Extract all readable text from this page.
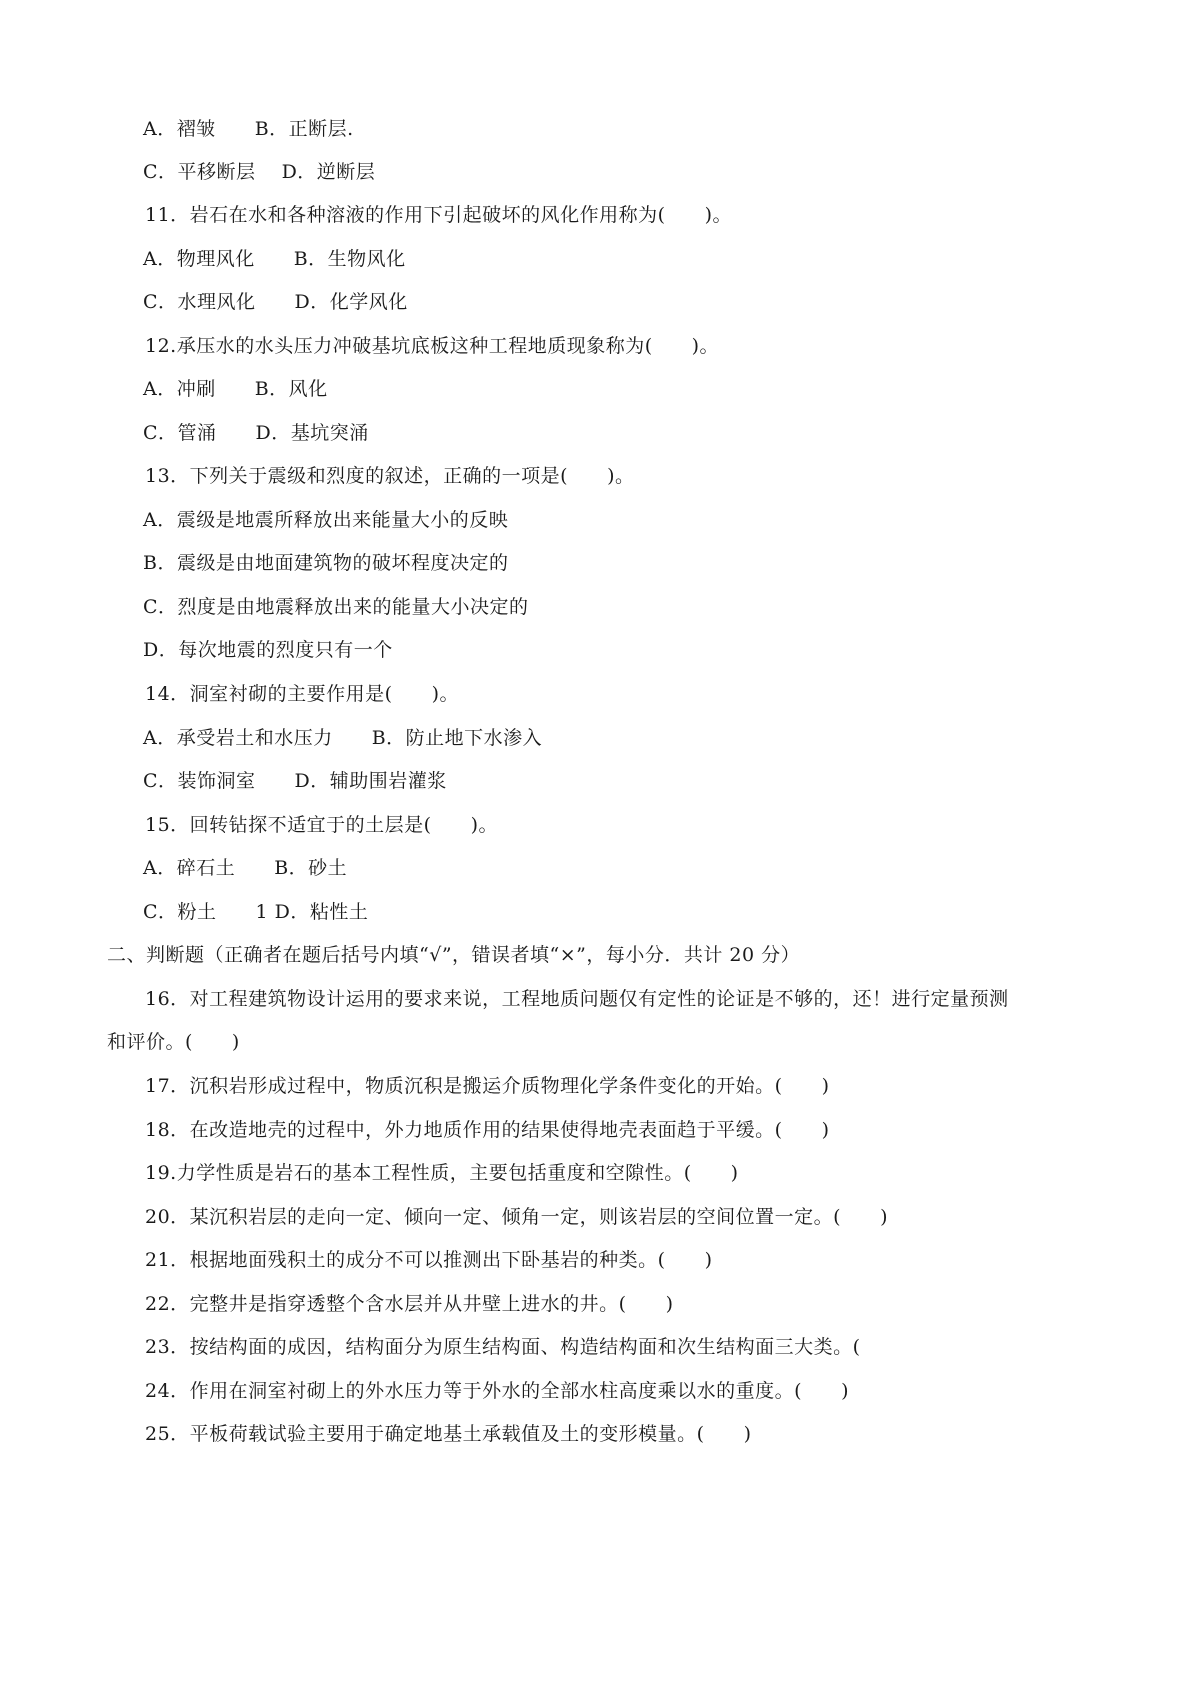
A．褶皱　　B．正断层.
C．平移断层　 D．逆断层
11．岩石在水和各种溶液的作用下引起破坏的风化作用称为(　　)。
A．物理风化　　B．生物风化
C．水理风化　　D．化学风化
12.承压水的水头压力冲破基坑底板这种工程地质现象称为(　　)。
A．冲刷　　B．风化
C．管涌　　D．基坑突涌
13．下列关于震级和烈度的叙述，正确的一项是(　　)。
A．震级是地震所释放出来能量大小的反映
B．震级是由地面建筑物的破坏程度决定的
C．烈度是由地震释放出来的能量大小决定的
D．每次地震的烈度只有一个
14．洞室衬砌的主要作用是(　　)。
A．承受岩土和水压力　　B．防止地下水渗入
C．装饰洞室　　D．辅助围岩灌浆
15．回转钻探不适宜于的土层是(　　)。
A．碎石土　　B．砂土
C．粉土　　1 D．粘性土
二、判断题（正确者在题后括号内填“√”，错误者填“×”，每小分．共计 20 分）
16．对工程建筑物设计运用的要求来说，工程地质问题仅有定性的论证是不够的，还！进行定量预测
和评价。(　　)
17．沉积岩形成过程中，物质沉积是搬运介质物理化学条件变化的开始。(　　)
18．在改造地壳的过程中，外力地质作用的结果使得地壳表面趋于平缓。(　　)
19.力学性质是岩石的基本工程性质，主要包括重度和空隙性。(　　)
20．某沉积岩层的走向一定、倾向一定、倾角一定，则该岩层的空间位置一定。(　　)
21．根据地面残积土的成分不可以推测出下卧基岩的种类。(　　)
22．完整井是指穿透整个含水层并从井壁上进水的井。(　　)
23．按结构面的成因，结构面分为原生结构面、构造结构面和次生结构面三大类。(
24．作用在洞室衬砌上的外水压力等于外水的全部水柱高度乘以水的重度。(　　)
25．平板荷载试验主要用于确定地基土承载值及土的变形模量。(　　)
